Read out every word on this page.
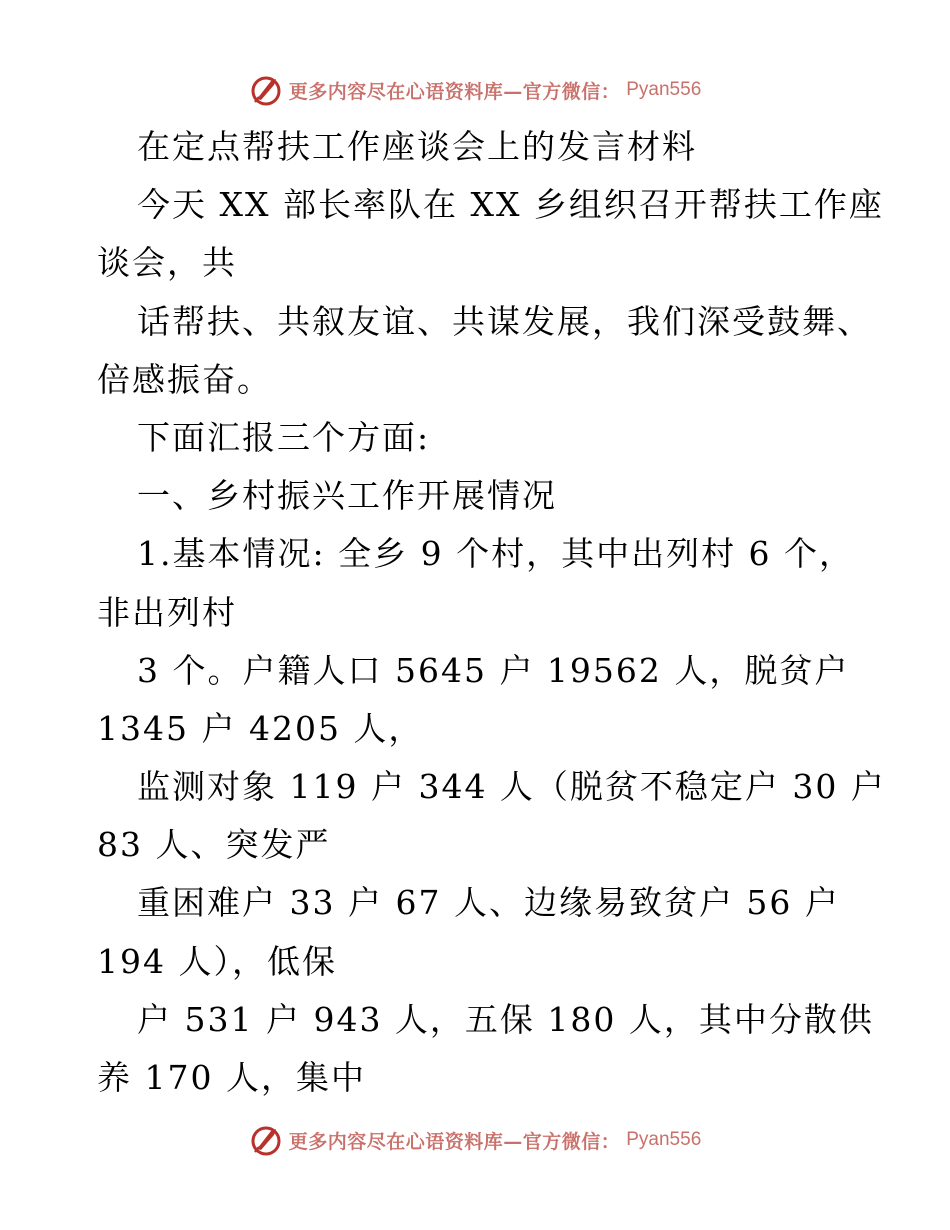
更多内容尽在心语资料库—官方微信： Pyan556
在定点帮扶工作座谈会上的发言材料
今天 XX 部长率队在 XX 乡组织召开帮扶工作座
谈会，共
话帮扶、共叙友谊、共谋发展，我们深受鼓舞、
倍感振奋。
下面汇报三个方面:
一、乡村振兴工作开展情况
1.基本情况: 全乡 9 个村，其中出列村 6 个，
非出列村
3 个。户籍人口 5645 户 19562 人，脱贫户
1345 户 4205 人，
监测对象 119 户 344 人（脱贫不稳定户 30 户
83 人、突发严
重困难户 33 户 67 人、边缘易致贫户 56 户
194 人），低保
户 531 户 943 人，五保 180 人，其中分散供
养 170 人，集中
更多内容尽在心语资料库—官方微信： Pyan556
